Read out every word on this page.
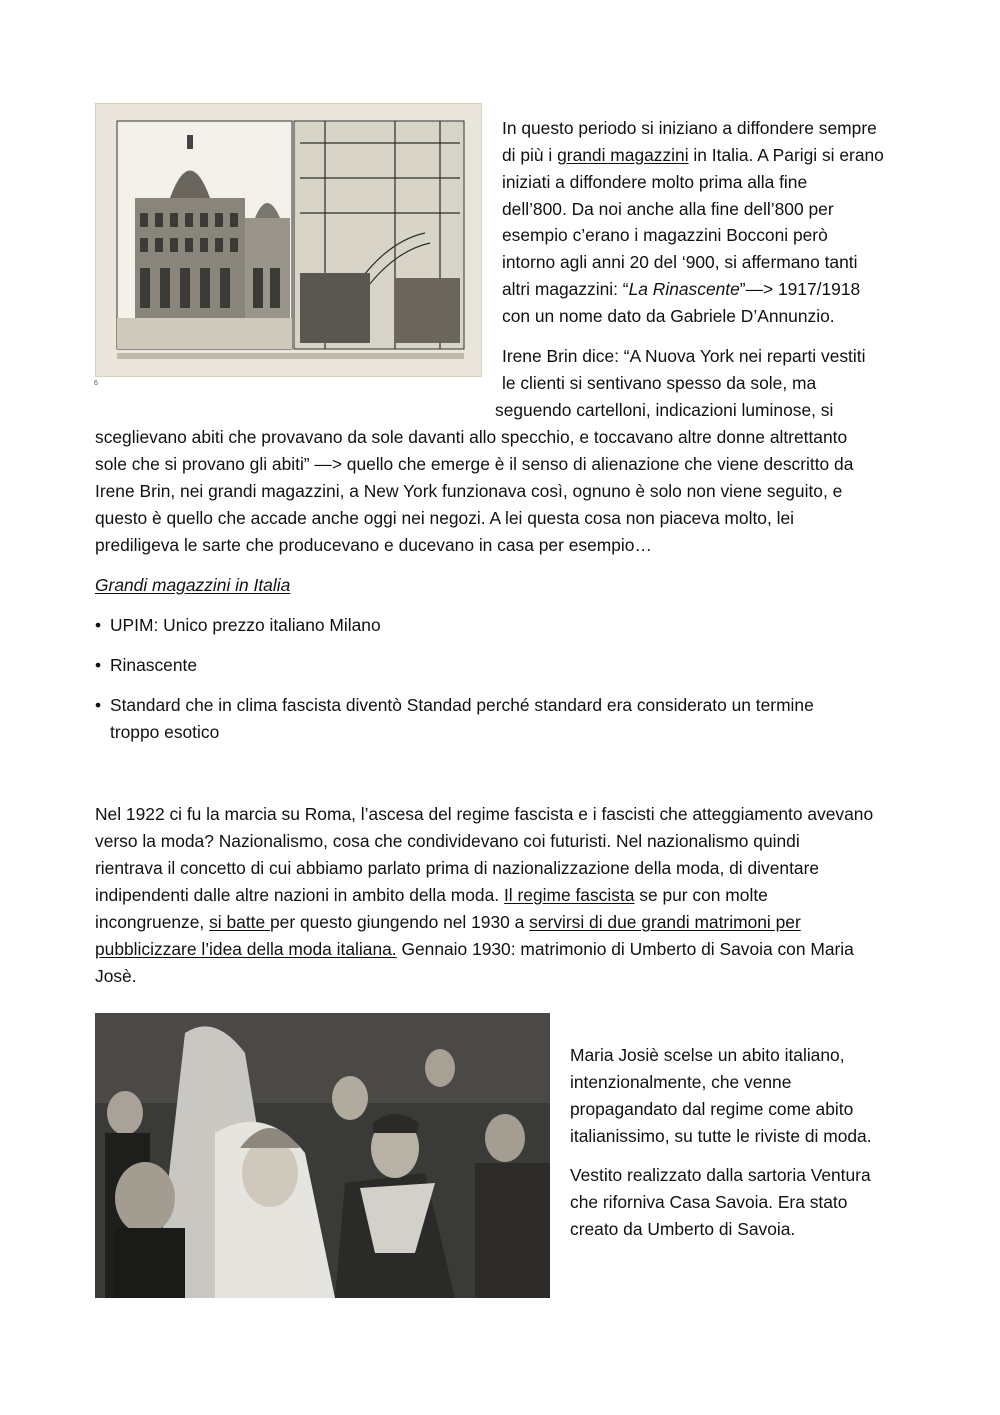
6
In questo periodo si iniziano a diffondere sempre
di più i grandi magazzini in Italia. A Parigi si erano
iniziati a diffondere molto prima alla fine
dell’800. Da noi anche alla fine dell’800 per
esempio c’erano i magazzini Bocconi però
intorno agli anni 20 del ‘900, si affermano tanti
altri magazzini: “La Rinascente”—> 1917/1918
con un nome dato da Gabriele D’Annunzio.
Irene Brin dice: “A Nuova York nei reparti vestiti
le clienti si sentivano spesso da sole, ma
seguendo cartelloni, indicazioni luminose, si
sceglievano abiti che provavano da sole davanti allo specchio, e toccavano altre donne altrettanto
sole che si provano gli abiti” —> quello che emerge è il senso di alienazione che viene descritto da
Irene Brin, nei grandi magazzini, a New York funzionava così, ognuno è solo non viene seguito, e
questo è quello che accade anche oggi nei negozi. A lei questa cosa non piaceva molto, lei
prediligeva le sarte che producevano e ducevano in casa per esempio…
Grandi magazzini in Italia
• UPIM: Unico prezzo italiano Milano
• Rinascente
• Standard che in clima fascista diventò Standad perché standard era considerato un termine
troppo esotico
Nel 1922 ci fu la marcia su Roma, l’ascesa del regime fascista e i fascisti che atteggiamento avevano
verso la moda? Nazionalismo, cosa che condividevano coi futuristi. Nel nazionalismo quindi
rientrava il concetto di cui abbiamo parlato prima di nazionalizzazione della moda, di diventare
indipendenti dalle altre nazioni in ambito della moda. Il regime fascista se pur con molte
incongruenze, si batte per questo giungendo nel 1930 a servirsi di due grandi matrimoni per
pubblicizzare l’idea della moda italiana. Gennaio 1930: matrimonio di Umberto di Savoia con Maria
Josè.
Maria Josiè scelse un abito italiano,
intenzionalmente, che venne
propagandato dal regime come abito
italianissimo, su tutte le riviste di moda.
Vestito realizzato dalla sartoria Ventura
che riforniva Casa Savoia. Era stato
creato da Umberto di Savoia.
